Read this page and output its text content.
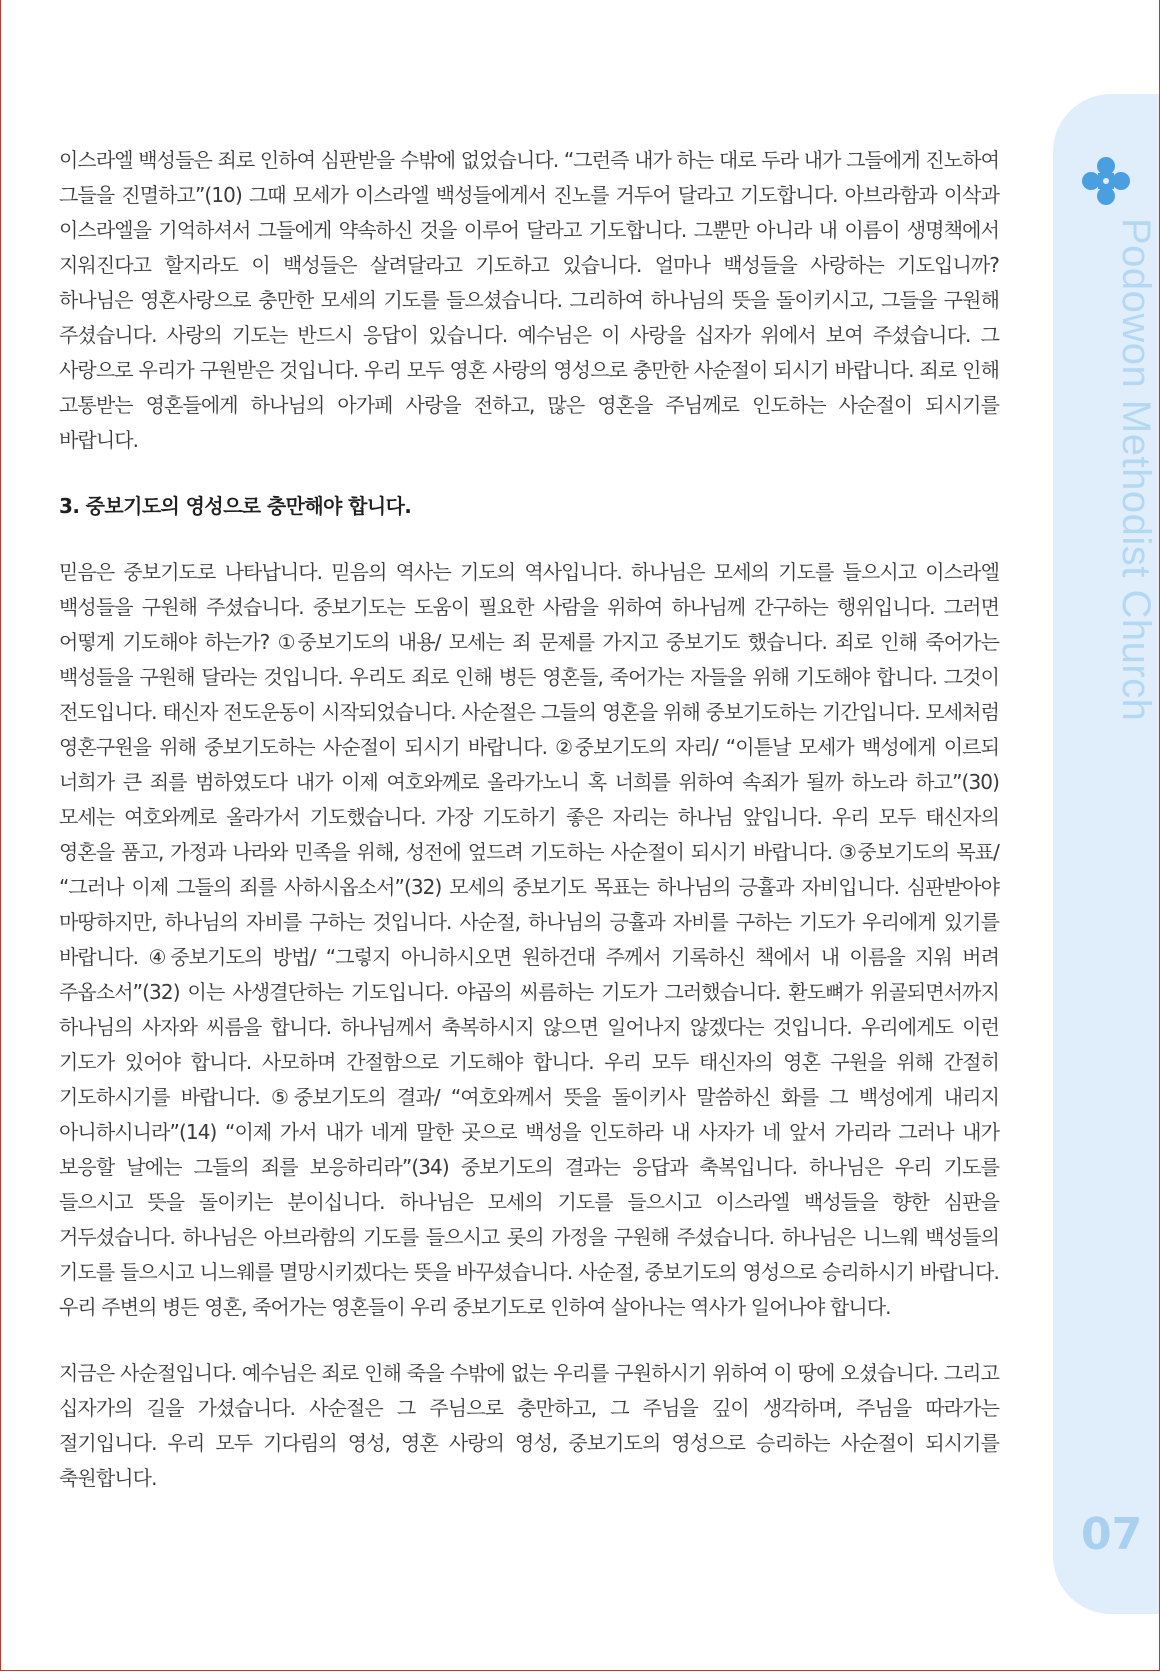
이스라엘 백성들은 죄로 인하여 심판받을 수밖에 없었습니다. “그런즉 내가 하는 대로 두라 내가 그들에게 진노하여 그들을 진멸하고”(10) 그때 모세가 이스라엘 백성들에게서 진노를 거두어 달라고 기도합니다. 아브라함과 이삭과 이스라엘을 기억하셔서 그들에게 약속하신 것을 이루어 달라고 기도합니다. 그뿐만 아니라 내 이름이 생명책에서 지워진다고 할지라도 이 백성들은 살려달라고 기도하고 있습니다. 얼마나 백성들을 사랑하는 기도입니까? 하나님은 영혼사랑으로 충만한 모세의 기도를 들으셨습니다. 그리하여 하나님의 뜻을 돌이키시고, 그들을 구원해 주셨습니다. 사랑의 기도는 반드시 응답이 있습니다. 예수님은 이 사랑을 십자가 위에서 보여 주셨습니다. 그 사랑으로 우리가 구원받은 것입니다. 우리 모두 영혼 사랑의 영성으로 충만한 사순절이 되시기 바랍니다. 죄로 인해 고통받는 영혼들에게 하나님의 아가페 사랑을 전하고, 많은 영혼을 주님께로 인도하는 사순절이 되시기를 바랍니다.

3. 중보기도의 영성으로 충만해야 합니다.

믿음은 중보기도로 나타납니다. 믿음의 역사는 기도의 역사입니다. 하나님은 모세의 기도를 들으시고 이스라엘 백성들을 구원해 주셨습니다. 중보기도는 도움이 필요한 사람을 위하여 하나님께 간구하는 행위입니다. 그러면 어떻게 기도해야 하는가? ①중보기도의 내용/ 모세는 죄 문제를 가지고 중보기도 했습니다. 죄로 인해 죽어가는 백성들을 구원해 달라는 것입니다. 우리도 죄로 인해 병든 영혼들, 죽어가는 자들을 위해 기도해야 합니다. 그것이 전도입니다. 태신자 전도운동이 시작되었습니다. 사순절은 그들의 영혼을 위해 중보기도하는 기간입니다. 모세처럼 영혼구원을 위해 중보기도하는 사순절이 되시기 바랍니다. ②중보기도의 자리/ “이튿날 모세가 백성에게 이르되 너희가 큰 죄를 범하였도다 내가 이제 여호와께로 올라가노니 혹 너희를 위하여 속죄가 될까 하노라 하고”(30) 모세는 여호와께로 올라가서 기도했습니다. 가장 기도하기 좋은 자리는 하나님 앞입니다. 우리 모두 태신자의 영혼을 품고, 가정과 나라와 민족을 위해, 성전에 엎드려 기도하는 사순절이 되시기 바랍니다. ③중보기도의 목표/ “그러나 이제 그들의 죄를 사하시옵소서”(32) 모세의 중보기도 목표는 하나님의 긍휼과 자비입니다. 심판받아야 마땅하지만, 하나님의 자비를 구하는 것입니다. 사순절, 하나님의 긍휼과 자비를 구하는 기도가 우리에게 있기를 바랍니다. ④중보기도의 방법/ “그렇지 아니하시오면 원하건대 주께서 기록하신 책에서 내 이름을 지워 버려 주옵소서”(32) 이는 사생결단하는 기도입니다. 야곱의 씨름하는 기도가 그러했습니다. 환도뼈가 위골되면서까지 하나님의 사자와 씨름을 합니다. 하나님께서 축복하시지 않으면 일어나지 않겠다는 것입니다. 우리에게도 이런 기도가 있어야 합니다. 사모하며 간절함으로 기도해야 합니다. 우리 모두 태신자의 영혼 구원을 위해 간절히 기도하시기를 바랍니다. ⑤중보기도의 결과/ “여호와께서 뜻을 돌이키사 말씀하신 화를 그 백성에게 내리지 아니하시니라”(14) “이제 가서 내가 네게 말한 곳으로 백성을 인도하라 내 사자가 네 앞서 가리라 그러나 내가 보응할 날에는 그들의 죄를 보응하리라”(34) 중보기도의 결과는 응답과 축복입니다. 하나님은 우리 기도를 들으시고 뜻을 돌이키는 분이십니다. 하나님은 모세의 기도를 들으시고 이스라엘 백성들을 향한 심판을 거두셨습니다. 하나님은 아브라함의 기도를 들으시고 롯의 가정을 구원해 주셨습니다. 하나님은 니느웨 백성들의 기도를 들으시고 니느웨를 멸망시키겠다는 뜻을 바꾸셨습니다. 사순절, 중보기도의 영성으로 승리하시기 바랍니다. 우리 주변의 병든 영혼, 죽어가는 영혼들이 우리 중보기도로 인하여 살아나는 역사가 일어나야 합니다.

지금은 사순절입니다. 예수님은 죄로 인해 죽을 수밖에 없는 우리를 구원하시기 위하여 이 땅에 오셨습니다. 그리고 십자가의 길을 가셨습니다. 사순절은 그 주님으로 충만하고, 그 주님을 깊이 생각하며, 주님을 따라가는 절기입니다. 우리 모두 기다림의 영성, 영혼 사랑의 영성, 중보기도의 영성으로 승리하는 사순절이 되시기를 축원합니다.

Podowon Methodist Church
07
